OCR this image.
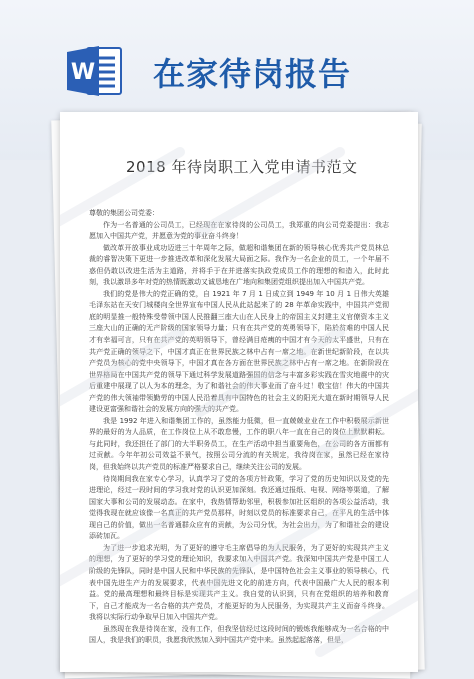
W 在家待岗报告
2018 年待岗职工入党申请书范文

尊敬的集团公司党委：

作为一名普通的公司员工，已经现在在家待岗的公司员工，我郑重的向公司党委提出：我志愿加入中国共产党，并愿意为党的事业奋斗终身！

做改革开放事业成功迈进三十年周年之际，做超和谐集团在新的领导核心优秀共产党员林总裁的睿智决策下更进一步推进改革和深化发展大局面之际。我作为一名企业的员工，一个年届不惑但仍敢以改进生活为主道路，并将手于在并进落实执政党成员工作的理想的和造入，此时此刻，我以激昂多年对党的热情既激动又诚恳地在广地向和集团党组织提出加入中国共产党。

我们的党是伟大的党正确的党，自 1921 年 7 月 1 日成立到 1949 年 10 月 1 日伟大英雄毛泽东站在天安门城楼向全世界宣布中国人民从此站起来了的 28 年革命实践中，中国共产党彻底的明显推一般特殊受带领中国人民推翻三座大山在人民身上的帝国主义封建主义官僚资本主义三座大山的正确的无产阶级的国家领导力量；只有在共产党的英勇领导下，陷於贫难的中国人民才有幸福可言，只有在共产党的英明领导下，曾经满目疮痍的中国才有今天的太平盛世，只有在共产党正确的领导之下，中国才真正在世界民族之林中占有一席之地。在新世纪新阶段，在以共产党员为核心的党中央领导下，中国才真在各方面在世界民族之林中占有一席之地。在新阶段在世界格局在中国共产党的领导下通过科学发展道路强国的信念与丰富多彩实践在雪灾地震中的灾后重建中展现了以人为本的理念，为了和谐社会的伟大事业而了奋斗过！敬宝信！伟大的中国共产党的伟大领袖带领勤劳的中国人民沿着具有中国特色的社会主义的阳光大道在新时期领导人民建设更富强和谐社会的发展方向的强大的共产党。

我是 1992 年进入和谐集团工作的，虽然能力低微，但一直兢兢业业在工作中积极展示新世界的最好的为人品质，在工作岗位上从不敢怠慢，工作的职八年一直在自己的岗位上默默耕耘。与此同时，我还担任了部门的大半职务员工，在生产活动中担当重要角色，在公司的各方面都有过贡献。今年年初公司效益不景气，按照公司分流的有关规定，我待岗在家，虽然已经在家待岗，但我始终以共产党员的标准严格要求自己，继续关注公司的发展。

待岗期间我在家专心学习，认真学习了党的各项方针政策，学习了党的历史知识以及党的先进理论，经过一段时间的学习我对党的认识更加深刻。我还通过报纸、电视、网络等渠道，了解国家大事和公司的发展动态。在家中，我热情帮助邻里，积极参加社区组织的各项公益活动，我觉得我现在就应该像一名真正的共产党员那样，时刻以党员的标准要求自己，在平凡的生活中体现自己的价值，做出一名普通群众应有的贡献，为公司分忧，为社会出力，为了和谐社会的建设添砖加瓦。

为了进一步追求光明，为了更好的遵守毛主席倡导的为人民服务，为了更好的实现共产主义的理想，为了更好的学习党的理论知识，我要求加入中国共产党。我深知中国共产党是中国工人阶级的先锋队，同时是中国人民和中华民族的先锋队，是中国特色社会主义事业的领导核心，代表中国先进生产力的发展要求，代表中国先进文化的前进方向，代表中国最广大人民的根本利益。党的最高理想和最终目标是实现共产主义。我自觉的认识到，只有在党组织的培养和教育下，自己才能成为一名合格的共产党员，才能更好的为人民服务，为实现共产主义而奋斗终身。我将以实际行动争取早日加入中国共产党。

虽然现在我是待岗在家，没有工作，但我坚信经过这段时间的锻炼我能够成为一名合格的中国人，我是我们的职员，我愿我欣然加入到中国共产党中来。虽然起起落落，但是，
